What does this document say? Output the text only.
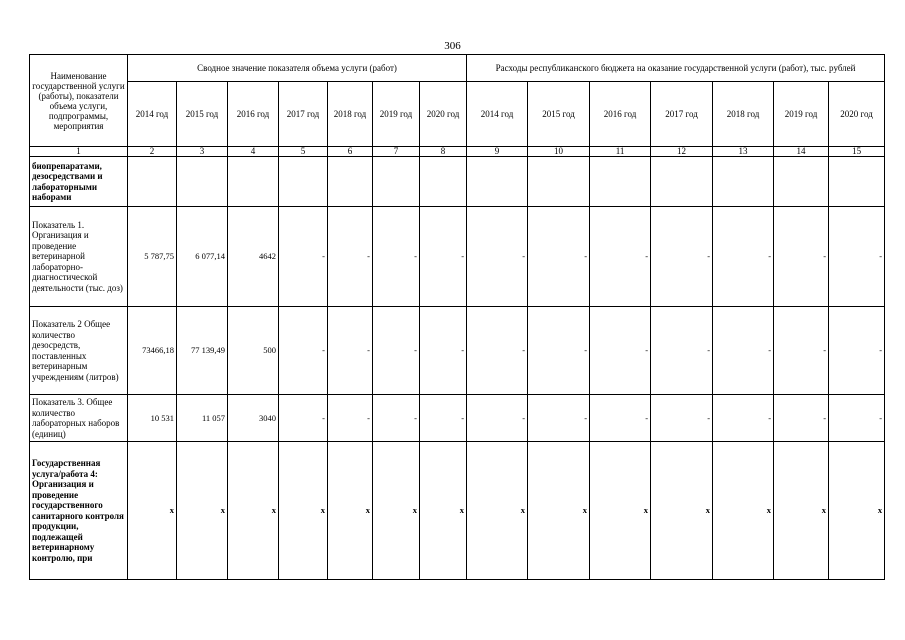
306
Наименование государственной услуги (работы), показатели объема услуги, подпрограммы, мероприятия	Сводное значение показателя объема услуги (работ)							Расходы республиканского бюджета на оказание государственной услуги (работ), тыс. рублей						
	2014 год	2015 год	2016 год	2017 год	2018 год	2019 год	2020 год	2014 год	2015 год	2016 год	2017 год	2018 год	2019 год	2020 год
1	2	3	4	5	6	7	8	9	10	11	12	13	14	15
биопрепаратами, дезосредствами и лабораторными наборами														
Показатель 1. Организация и проведение ветеринарной лабораторно-диагностической деятельности (тыс. доз)	5 787,75	6 077,14	4642	-	-	-	-	-	-	-	-	-	-	-
Показатель 2 Общее количество дезосредств, поставленных ветеринарным учреждениям (литров)	73466,18	77 139,49	500	-	-	-	-	-	-	-	-	-	-	-
Показатель 3. Общее количество лабораторных наборов (единиц)	10 531	11 057	3040	-	-	-	-	-	-	-	-	-	-	-
Государственная услуга/работа 4: Организация и проведение государственного санитарного контроля продукции, подлежащей ветеринарному контролю, при	x	x	x	x	x	x	x	x	x	x	x	x	x	x
